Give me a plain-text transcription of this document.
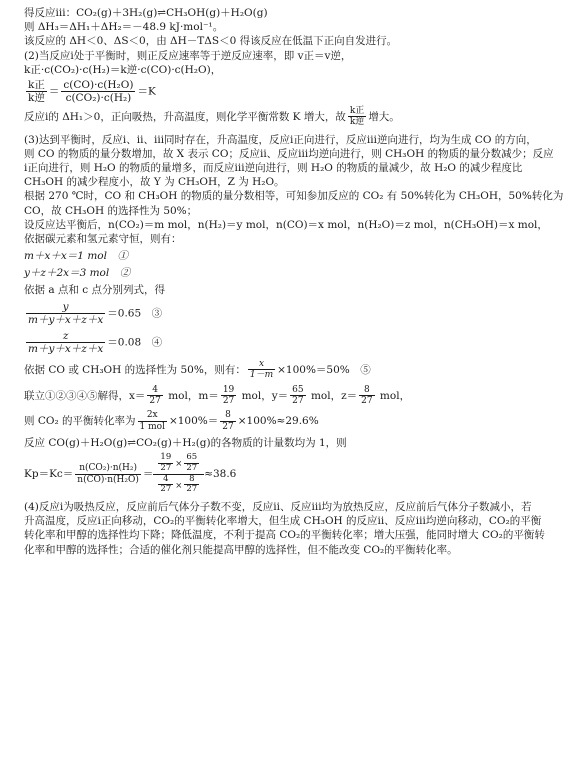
得反应ⅲ：CO₂(g)＋3H₂(g)⇌CH₃OH(g)＋H₂O(g)
则 ΔH₃＝ΔH₁＋ΔH₂＝－48.9 kJ·mol⁻¹。
该反应的 ΔH＜0、ΔS＜0，由 ΔH－TΔS＜0 得该反应在低温下正向自发进行。
(2)当反应ⅰ处于平衡时，则正反应速率等于逆反应速率，即 v正＝v逆，
k正·c(CO₂)·c(H₂)＝k逆·c(CO)·c(H₂O)，
$\frac{\text{k正}}{\text{k逆}} = \frac{\text{c(CO)·c(H₂O)}}{\text{c(CO₂)·c(H₂)}} =K$
反应ⅰ的 ΔH₁＞0，正向吸热，升高温度，则化学平衡常数 K 增大，故 $\frac{\text{k正}}{\text{k逆}}$ 增大。
(3)达到平衡时，反应ⅰ、ⅱ、ⅲ同时存在，升高温度，反应ⅰ正向进行，反应ⅲ逆向进行，均为生成 CO 的方向，
则 CO 的物质的量分数增加，故 X 表示 CO；反应ⅱ、反应ⅲ均逆向进行，则 CH₃OH 的物质的量分数减少；反应
ⅰ正向进行，则 H₂O 的物质的量增多，而反应ⅲ逆向进行，则 H₂O 的物质的量减少，故 H₂O 的减少程度比
CH₃OH 的减少程度小，故 Y 为 CH₃OH，Z 为 H₂O。
根据 270 ℃时，CO 和 CH₃OH 的物质的量分数相等，可知参加反应的 CO₂ 有 50%转化为 CH₃OH，50%转化为
CO，故 CH₃OH 的选择性为 50%；
设反应达平衡后，n(CO₂)＝m mol，n(H₂)＝y mol，n(CO)＝x mol，n(H₂O)＝z mol，n(CH₃OH)＝x mol，
依据碳元素和氢元素守恒，则有：
m＋x＋x＝1 mol　①
y＋z＋2x＝3 mol　②
依据 a 点和 c 点分别列式，得
$\frac{y}{m+y+x+z+x} =0.65$　③
$\frac{z}{m+y+x+z+x} =0.08$　④
依据 CO 或 CH₃OH 的选择性为 50%，则有： $\frac{x}{1-m} \times 100\%=50\%$　⑤
联立①②③④⑤解得，$x= \frac{4}{27}$ mol，$m= \frac{19}{27}$ mol，$y= \frac{65}{27}$ mol，$z= \frac{8}{27}$ mol，
则 CO₂ 的平衡转化率为 $\frac{2x}{\text{1 mol}} \times 100\%= \frac{8}{27} \times 100\%\approx 29.6\%$
反应 CO(g)＋H₂O(g)⇌CO₂(g)＋H₂(g)的各物质的计量数均为 1，则
$Kp=Kc= \frac{\text{n(CO₂)·n(H₂)}}{\text{n(CO)·n(H₂O)}} = \frac{\frac{19}{27} \times \frac{65}{27}}{\frac{4}{27} \times \frac{8}{27}} \approx 38.6$
(4)反应ⅰ为吸热反应，反应前后气体分子数不变，反应ⅱ、反应ⅲ均为放热反应，反应前后气体分子数减小，若
升高温度，反应ⅰ正向移动，CO₂的平衡转化率增大，但生成 CH₃OH 的反应ⅱ、反应ⅲ均逆向移动，CO₂的平衡
转化率和甲醇的选择性均下降；降低温度，不利于提高 CO₂的平衡转化率；增大压强，能同时增大 CO₂的平衡转
化率和甲醇的选择性；合适的催化剂只能提高甲醇的选择性，但不能改变 CO₂的平衡转化率。
